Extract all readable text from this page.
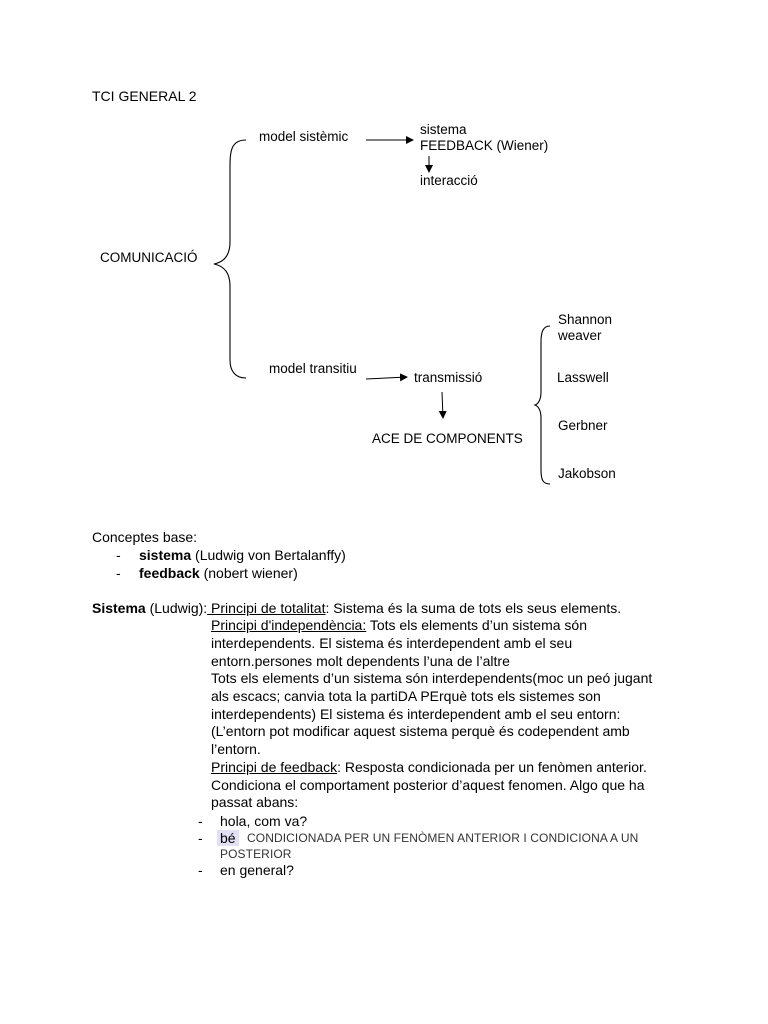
TCI GENERAL 2
model sistèmic	sistema
FEEDBACK (Wiener)
interacció
COMUNICACIÓ
model transitiu
transmissió
ACE DE COMPONENTS
Shannon
weaver
Lasswell
Gerbner
Jakobson
Conceptes base:
- sistema (Ludwig von Bertalanffy)
- feedback (nobert wiener)
Sistema (Ludwig): Principi de totalitat: Sistema és la suma de tots els seus elements.
Principi d'independència: Tots els elements d’un sistema són
interdependents. El sistema és interdependent amb el seu
entorn.persones molt dependents l’una de l’altre
Tots els elements d’un sistema són interdependents(moc un peó jugant
als escacs; canvia tota la partiDA PErquè tots els sistemes son
interdependents) El sistema és interdependent amb el seu entorn:
(L’entorn pot modificar aquest sistema perquè és codependent amb
l’entorn.
Principi de feedback: Resposta condicionada per un fenòmen anterior.
Condiciona el comportament posterior d’aquest fenomen. Algo que ha
passat abans:
- hola, com va?
- bé CONDICIONADA PER UN FENÒMEN ANTERIOR I CONDICIONA A UN
POSTERIOR
- en general?
